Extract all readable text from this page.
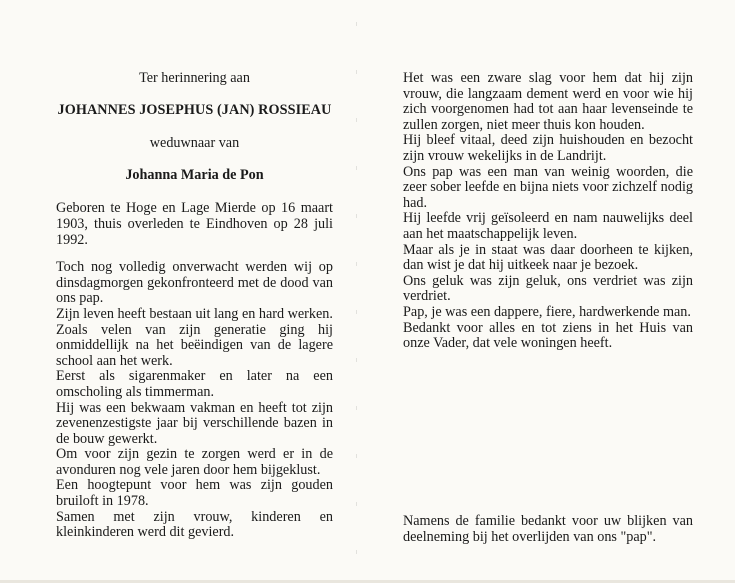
Ter herinnering aan

JOHANNES JOSEPHUS (JAN) ROSSIEAU

weduwnaar van

Johanna Maria de Pon

Geboren te Hoge en Lage Mierde op 16 maart 1903, thuis overleden te Eindhoven op 28 juli 1992.

Toch nog volledig onverwacht werden wij op dinsdagmorgen gekonfronteerd met de dood van ons pap.

Zijn leven heeft bestaan uit lang en hard werken.

Zoals velen van zijn generatie ging hij onmiddellijk na het beëindigen van de lagere school aan het werk.

Eerst als sigarenmaker en later na een omscholing als timmerman.

Hij was een bekwaam vakman en heeft tot zijn zevenenzestigste jaar bij verschillende bazen in de bouw gewerkt.

Om voor zijn gezin te zorgen werd er in de avonduren nog vele jaren door hem bijgeklust.

Een hoogtepunt voor hem was zijn gouden bruiloft in 1978.

Samen met zijn vrouw, kinderen en kleinkinderen werd dit gevierd.

Het was een zware slag voor hem dat hij zijn vrouw, die langzaam dement werd en voor wie hij zich voorgenomen had tot aan haar levenseinde te zullen zorgen, niet meer thuis kon houden.

Hij bleef vitaal, deed zijn huishouden en bezocht zijn vrouw wekelijks in de Landrijt.

Ons pap was een man van weinig woorden, die zeer sober leefde en bijna niets voor zichzelf nodig had.

Hij leefde vrij geïsoleerd en nam nauwelijks deel aan het maatschappelijk leven.

Maar als je in staat was daar doorheen te kijken, dan wist je dat hij uitkeek naar je bezoek.

Ons geluk was zijn geluk, ons verdriet was zijn verdriet.

Pap, je was een dappere, fiere, hardwerkende man.

Bedankt voor alles en tot ziens in het Huis van onze Vader, dat vele woningen heeft.

Namens de familie bedankt voor uw blijken van deelneming bij het overlijden van ons "pap".
